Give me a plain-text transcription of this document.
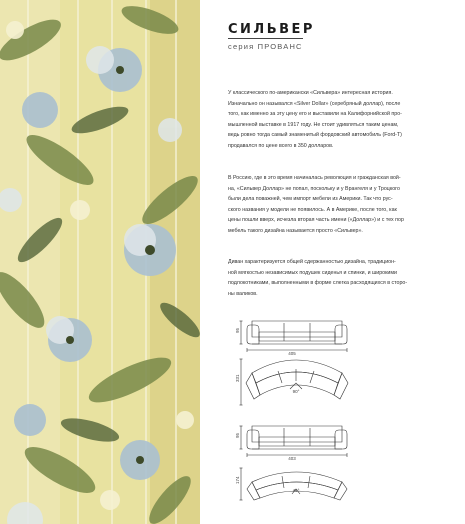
СИЛЬВЕР
серия ПРОВАНС
У классического по-американски «Сильвера» интересная история.
Изначально он назывался «Silver Dollar» (серебряный доллар), после
того, как именно за эту цену его и выставили на Калифорнийской про-
мышленной выставке в 1917 году. Не стоит удивляться таким ценам,
ведь ровно тогда самый знаменитый фордовский автомобиль (Ford-T)
продавался по цене всего в 350 долларов.
В Россию, где в это время начиналась революция и гражданская вой-
на, «Сильвер Доллар» не попал, поскольку и у Врангеля и у Троцкого
были дела поважней, чем импорт мебели из Америки. Так что рус-
ского названия у модели не появилось. А в Америке, после того, как
цены пошли вверх, исчезла вторая часть имени («Доллар») и с тех пор
мебель такого дизайна называется просто «Сильвер».
Диван характеризуется общей сдержанностью дизайна, традицион-
ной мягкостью независимых подушек сиденья и спинки, и широкими
подлокотниками, выполненными в форме слегка расходящихся в сторо-
ны валиков.
95
405
331
90°
95
403
174
45°
